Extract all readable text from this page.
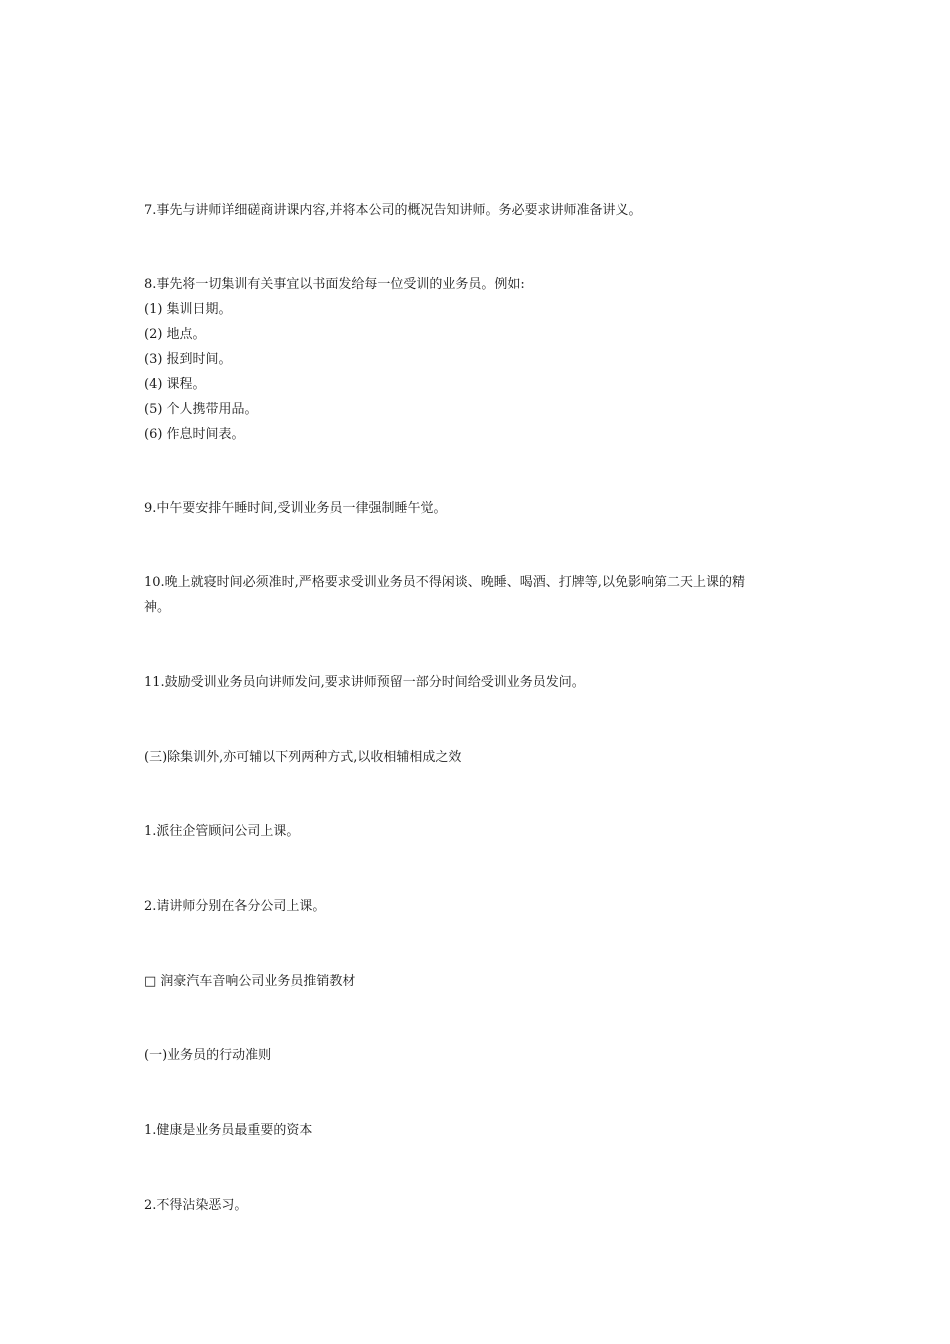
7.事先与讲师详细磋商讲课内容,并将本公司的概况告知讲师。务必要求讲师准备讲义。
8.事先将一切集训有关事宜以书面发给每一位受训的业务员。例如:
(1) 集训日期。
(2) 地点。
(3) 报到时间。
(4) 课程。
(5) 个人携带用品。
(6) 作息时间表。
9.中午要安排午睡时间,受训业务员一律强制睡午觉。
10.晚上就寝时间必须准时,严格要求受训业务员不得闲谈、晚睡、喝酒、打牌等,以免影响第二天上课的精
神。
11.鼓励受训业务员向讲师发问,要求讲师预留一部分时间给受训业务员发问。
(三)除集训外,亦可辅以下列两种方式,以收相辅相成之效
1.派往企管顾问公司上课。
2.请讲师分别在各分公司上课。
□ 润豪汽车音响公司业务员推销教材
(一)业务员的行动准则
1.健康是业务员最重要的资本
2.不得沾染恶习。
